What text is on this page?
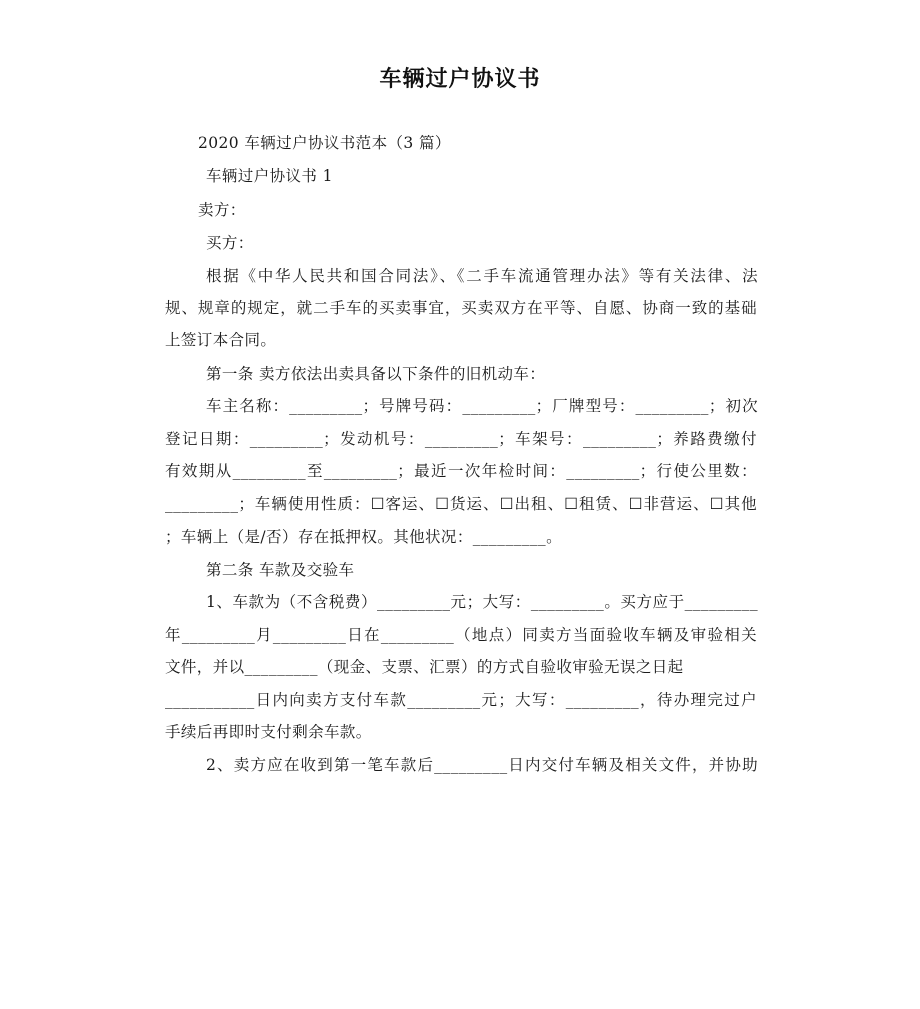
车辆过户协议书
2020 车辆过户协议书范本（3 篇）
车辆过户协议书 1
卖方：
买方：
根据《中华人民共和国合同法》、《二手车流通管理办法》等有关法律、法
规、规章的规定，就二手车的买卖事宜，买卖双方在平等、自愿、协商一致的基础
上签订本合同。
第一条 卖方依法出卖具备以下条件的旧机动车：
车主名称：_________；号牌号码：_________；厂牌型号：_________；初次
登记日期：_________；发动机号：_________；车架号：_________；养路费缴付
有效期从_________至_________；最近一次年检时间：_________；行使公里数：
_________；车辆使用性质：☐客运、☐货运、☐出租、☐租赁、☐非营运、☐其他
；车辆上（是/否）存在抵押权。其他状况：_________。
第二条 车款及交验车
1、车款为（不含税费）_________元；大写：_________。买方应于_________
年_________月_________日在_________（地点）同卖方当面验收车辆及审验相关
文件，并以_________（现金、支票、汇票）的方式自验收审验无误之日起
___________日内向卖方支付车款_________元；大写：_________，待办理完过户
手续后再即时支付剩余车款。
2、卖方应在收到第一笔车款后_________日内交付车辆及相关文件，并协助
